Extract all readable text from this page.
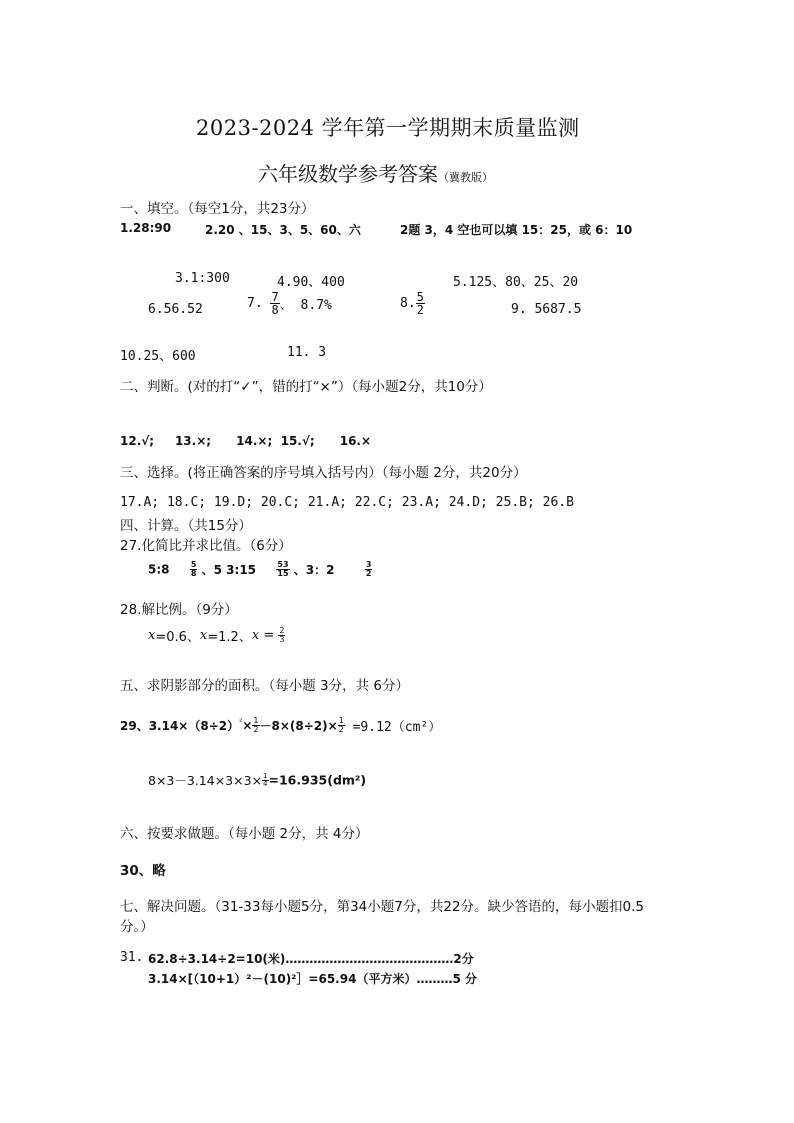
2023-2024 学年第一学期期末质量监测
六年级数学参考答案（冀教版）
一、填空。（每空1分，共23分）
1.28:90	2.20 、15、3、5、60、六	2题 3，4 空也可以填 15：25，或 6：10
3.1:300	4.90、400	5.125、80、25、20
6.56.52	7. $\frac{7}{8}$ 、 8.7%	8. $\frac{5}{2}$	9. 5687.5
10.25、600	11. 3
二、判断。(对的打“✓”，错的打“×”）（每小题2分，共10分）
12.√;     13.×;      14.×;  15.√;      16.×
三、选择。(将正确答案的序号填入括号内）（每小题 2分，共20分）
17.A; 18.C; 19.D; 20.C; 21.A; 22.C; 23.A; 24.D; 25.B; 26.B
四、计算。（共15分）
27.化简比并求比值。（6分）
5:8	$\frac{5}{8}$ 、5 3:15	$\frac{53}{15}$ 、3：2	$\frac{3}{2}$
28.解比例。（9分）
x=0.6、x=1.2、$x = \frac{2}{3}$
五、求阴影部分的面积。（每小题 3分，共 6分）
29、$3.14\times(8\div 2)^{^2}\times \frac{1}{2} -8\times(8\div 2)\times \frac{1}{2} =9.12(cm^2)$
$8\times 3-3.14\times 3\times 3\times \frac{1}{4} =16.935(dm^2)$
六、按要求做题。（每小题 2分，共 4分）
30、略
七、解决问题。（31-33每小题5分，第34小题7分，共22分。缺少答语的，每小题扣0.5
分。）
31. 62.8÷3.14÷2=10(米)……………………………………2分
3.14×[（10+1）²－(10)²］=65.94（平方米）………5 分
